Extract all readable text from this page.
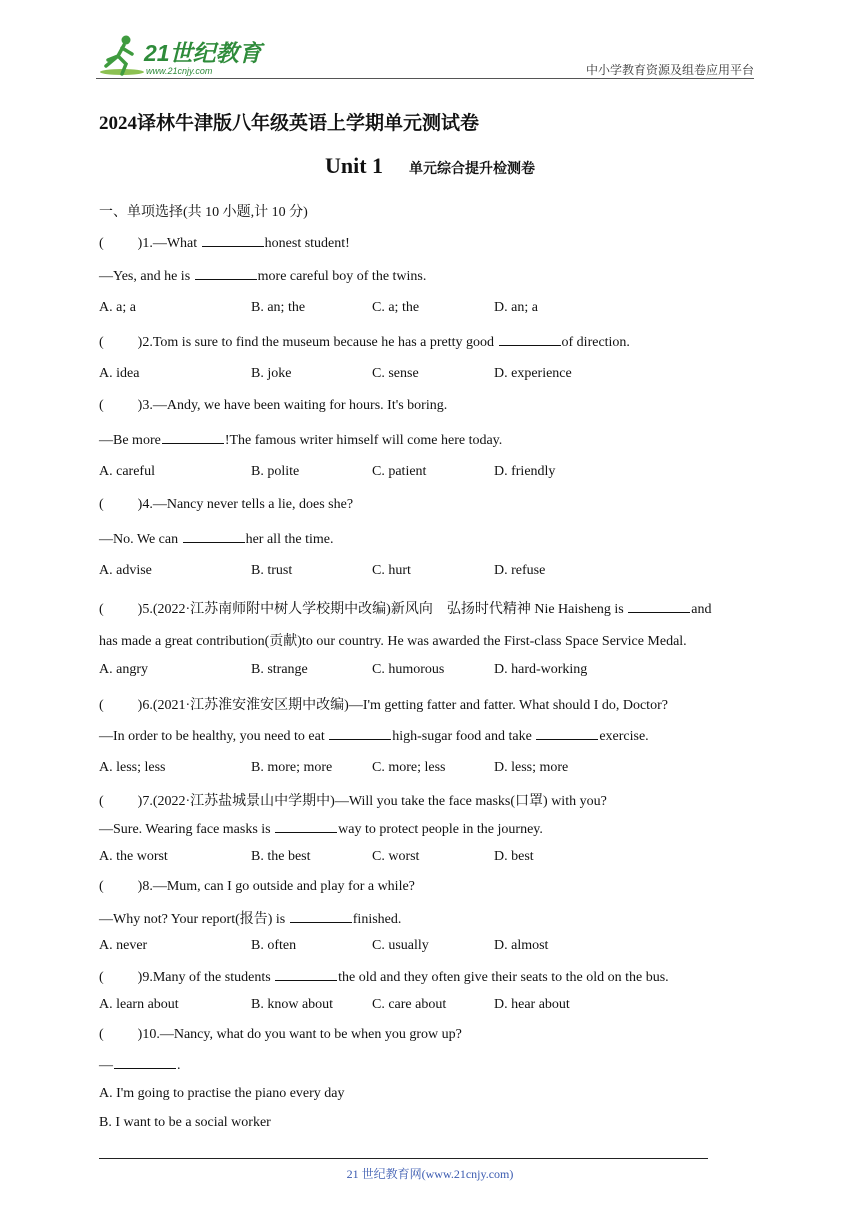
21世纪教育
www.21cnjy.com	中小学教育资源及组卷应用平台
2024译林牛津版八年级英语上学期单元测试卷
Unit 1 单元综合提升检测卷
一、单项选择(共 10 小题,计 10 分)
( )1.—What	honest student!
—Yes, and he is	more careful boy of the twins.
A. a; a	B. an; the	C. a; the	D. an; a
( )2.Tom is sure to find the museum because he has a pretty good	of direction.
A. idea	B. joke	C. sense	D. experience
( )3.—Andy, we have been waiting for hours. It's boring.
—Be more	!The famous writer himself will come here today.
A. careful	B. polite	C. patient	D. friendly
( )4.—Nancy never tells a lie, does she?
—No. We can	her all the time.
A. advise	B. trust	C. hurt	D. refuse
( )5.(2022·江苏南师附中树人学校期中改编)新风向　弘扬时代精神 Nie Haisheng is	and
has made a great contribution(贡献)to our country. He was awarded the First-class Space Service Medal.
A. angry	B. strange	C. humorous	D. hard-working
( )6.(2021·江苏淮安淮安区期中改编)—I'm getting fatter and fatter. What should I do, Doctor?
—In order to be healthy, you need to eat	high-sugar food and take	exercise.
A. less; less	B. more; more	C. more; less	D. less; more
( )7.(2022·江苏盐城景山中学期中)—Will you take the face masks(口罩) with you?
—Sure. Wearing face masks is	way to protect people in the journey.
A. the worst	B. the best	C. worst	D. best
( )8.—Mum, can I go outside and play for a while?
—Why not? Your report(报告) is	finished.
A. never	B. often	C. usually	D. almost
( )9.Many of the students	the old and they often give their seats to the old on the bus.
A. learn about	B. know about	C. care about	D. hear about
( )10.—Nancy, what do you want to be when you grow up?
—	.
A. I'm going to practise the piano every day
B. I want to be a social worker
21 世纪教育网(www.21cnjy.com)
